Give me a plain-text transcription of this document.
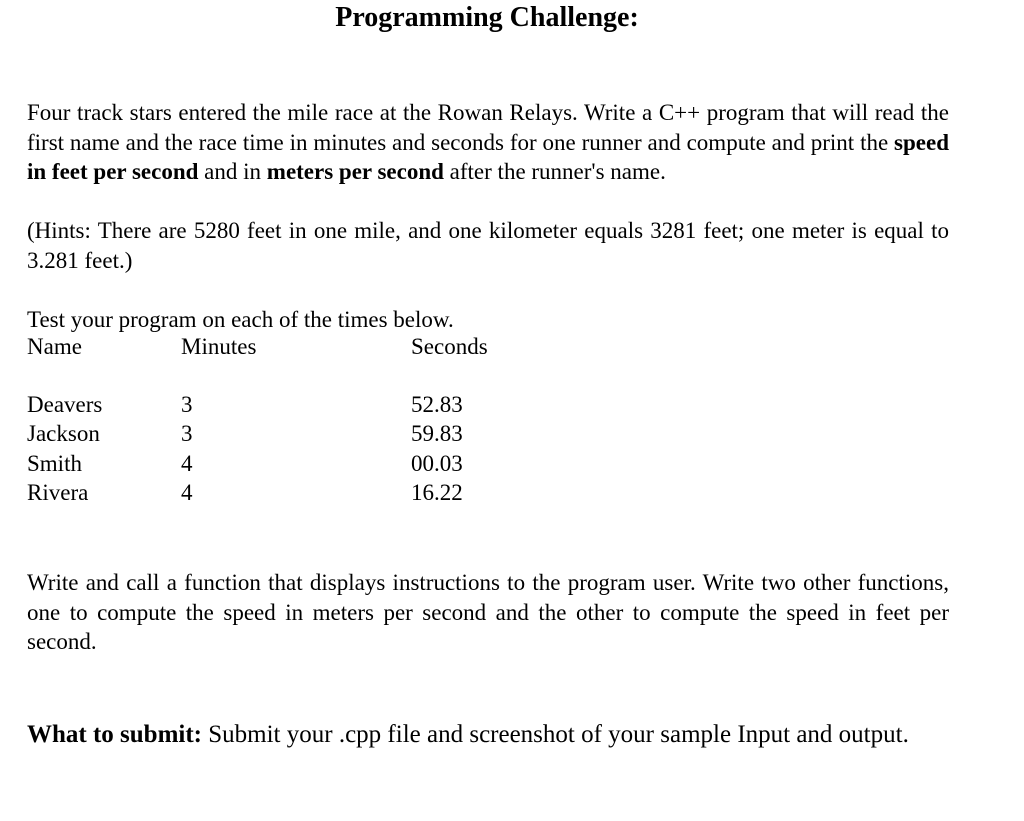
Programming Challenge:
Four track stars entered the mile race at the Rowan Relays. Write a C++ program that will read the first name and the race time in minutes and seconds for one runner and compute and print the speed in feet per second and in meters per second after the runner's name.
(Hints: There are 5280 feet in one mile, and one kilometer equals 3281 feet; one meter is equal to 3.281 feet.)
Test your program on each of the times below.
Name	Minutes	Seconds
Deavers	3	52.83
Jackson	3	59.83
Smith	4	00.03
Rivera	4	16.22
Write and call a function that displays instructions to the program user. Write two other functions, one to compute the speed in meters per second and the other to compute the speed in feet per second.
What to submit: Submit your .cpp file and screenshot of your sample Input and output.
